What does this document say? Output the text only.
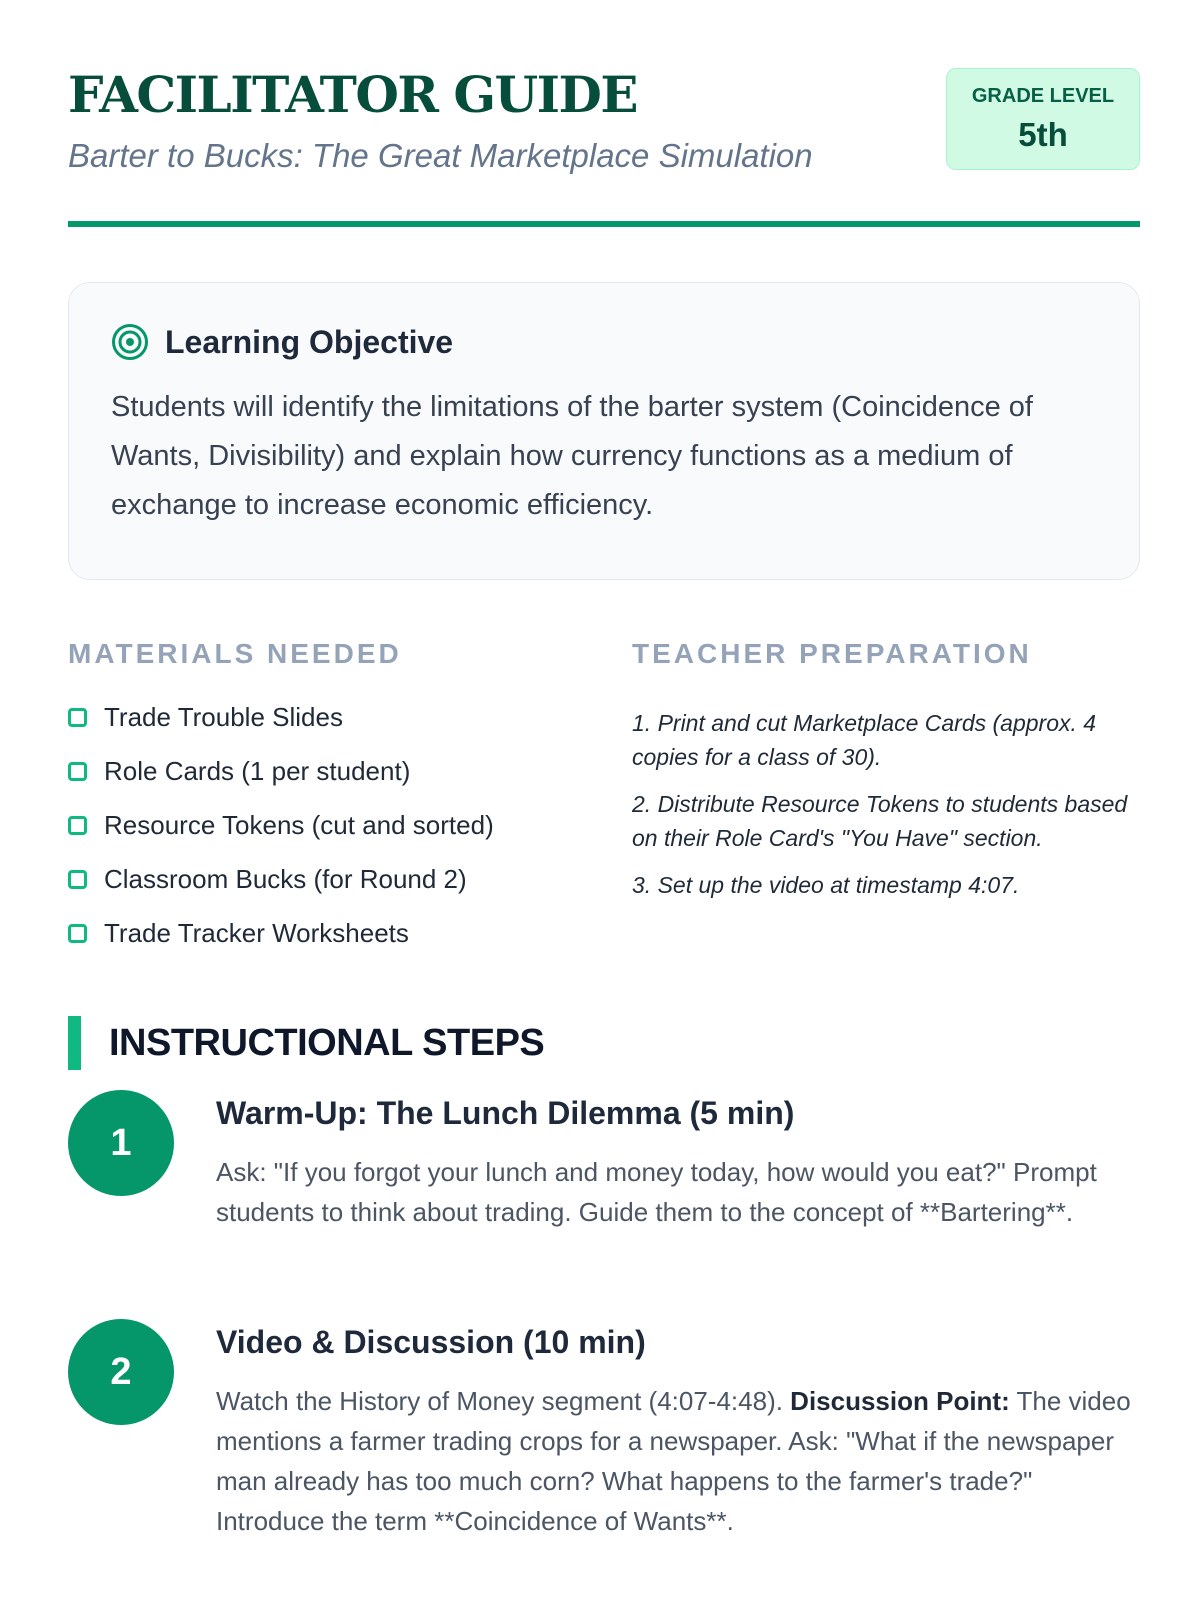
FACILITATOR GUIDE

Barter to Bucks: The Great Marketplace Simulation

GRADE LEVEL
5th
Learning Objective

Students will identify the limitations of the barter system (Coincidence of Wants, Divisibility) and explain how currency functions as a medium of exchange to increase economic efficiency.

MATERIALS NEEDED
Trade Trouble Slides
Role Cards (1 per student)
Resource Tokens (cut and sorted)
Classroom Bucks (for Round 2)
Trade Tracker Worksheets
TEACHER PREPARATION

1. Print and cut Marketplace Cards (approx. 4 copies for a class of 30).

2. Distribute Resource Tokens to students based on their Role Card's "You Have" section.

3. Set up the video at timestamp 4:07.

INSTRUCTIONAL STEPS
1
Warm-Up: The Lunch Dilemma (5 min)

Ask: "If you forgot your lunch and money today, how would you eat?" Prompt students to think about trading. Guide them to the concept of **Bartering**.

2
Video & Discussion (10 min)

Watch the History of Money segment (4:07-4:48). Discussion Point: The video mentions a farmer trading crops for a newspaper. Ask: "What if the newspaper man already has too much corn? What happens to the farmer's trade?" Introduce the term **Coincidence of Wants**.
